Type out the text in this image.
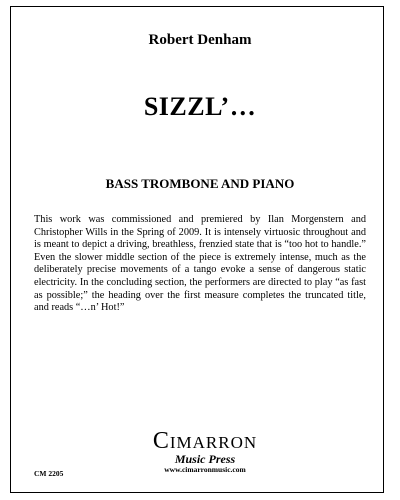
Robert Denham
SIZZL’…
BASS TROMBONE AND PIANO
This work was commissioned and premiered by Ilan Morgenstern and Christopher Wills in the Spring of 2009. It is intensely virtuosic throughout and is meant to depict a driving, breathless, frenzied state that is “too hot to handle.” Even the slower middle section of the piece is extremely intense, much as the deliberately precise movements of a tango evoke a sense of dangerous static electricity. In the concluding section, the performers are directed to play “as fast as possible;” the heading over the first measure completes the truncated title, and reads “…n’ Hot!”
CIMARRON
Music Press
www.cimarronmusic.com
CM 2205
